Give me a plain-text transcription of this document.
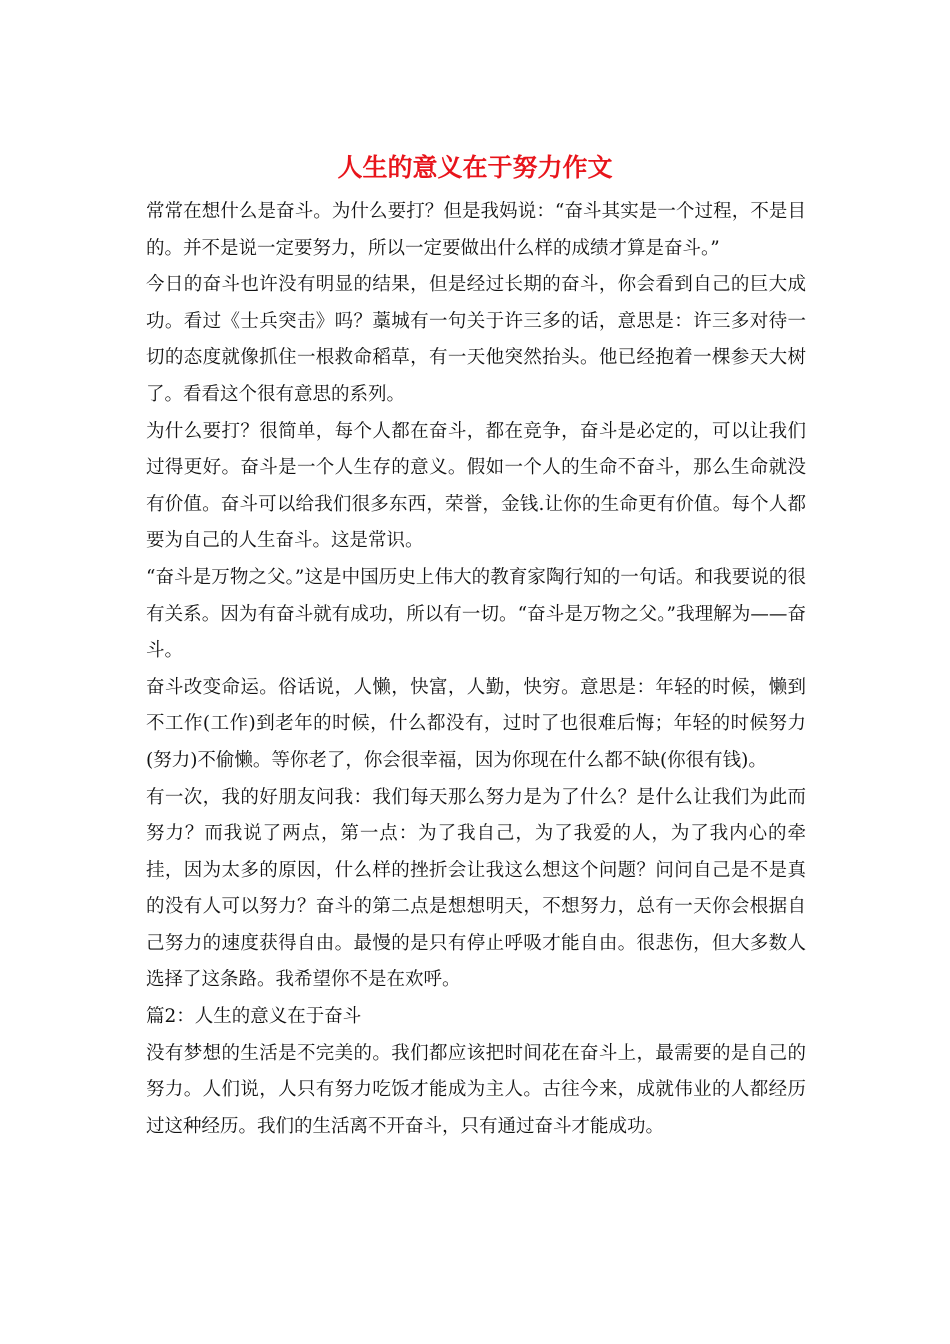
人生的意义在于努力作文

常常在想什么是奋斗。为什么要打？但是我妈说：“奋斗其实是一个过程，不是目的。并不是说一定要努力，所以一定要做出什么样的成绩才算是奋斗。”

今日的奋斗也许没有明显的结果，但是经过长期的奋斗，你会看到自己的巨大成功。看过《士兵突击》吗？藁城有一句关于许三多的话，意思是：许三多对待一切的态度就像抓住一根救命稻草，有一天他突然抬头。他已经抱着一棵参天大树了。看看这个很有意思的系列。

为什么要打？很简单，每个人都在奋斗，都在竞争，奋斗是必定的，可以让我们过得更好。奋斗是一个人生存的意义。假如一个人的生命不奋斗，那么生命就没有价值。奋斗可以给我们很多东西，荣誉，金钱.让你的生命更有价值。每个人都要为自己的人生奋斗。这是常识。

“奋斗是万物之父。”这是中国历史上伟大的教育家陶行知的一句话。和我要说的很有关系。因为有奋斗就有成功，所以有一切。“奋斗是万物之父。”我理解为——奋斗。

奋斗改变命运。俗话说，人懒，快富，人勤，快穷。意思是：年轻的时候，懒到不工作(工作)到老年的时候，什么都没有，过时了也很难后悔；年轻的时候努力(努力)不偷懒。等你老了，你会很幸福，因为你现在什么都不缺(你很有钱)。

有一次，我的好朋友问我：我们每天那么努力是为了什么？是什么让我们为此而努力？而我说了两点，第一点：为了我自己，为了我爱的人，为了我内心的牵挂，因为太多的原因，什么样的挫折会让我这么想这个问题？问问自己是不是真的没有人可以努力？奋斗的第二点是想想明天，不想努力，总有一天你会根据自己努力的速度获得自由。最慢的是只有停止呼吸才能自由。很悲伤，但大多数人选择了这条路。我希望你不是在欢呼。

篇2：人生的意义在于奋斗

没有梦想的生活是不完美的。我们都应该把时间花在奋斗上，最需要的是自己的努力。人们说，人只有努力吃饭才能成为主人。古往今来，成就伟业的人都经历过这种经历。我们的生活离不开奋斗，只有通过奋斗才能成功。
